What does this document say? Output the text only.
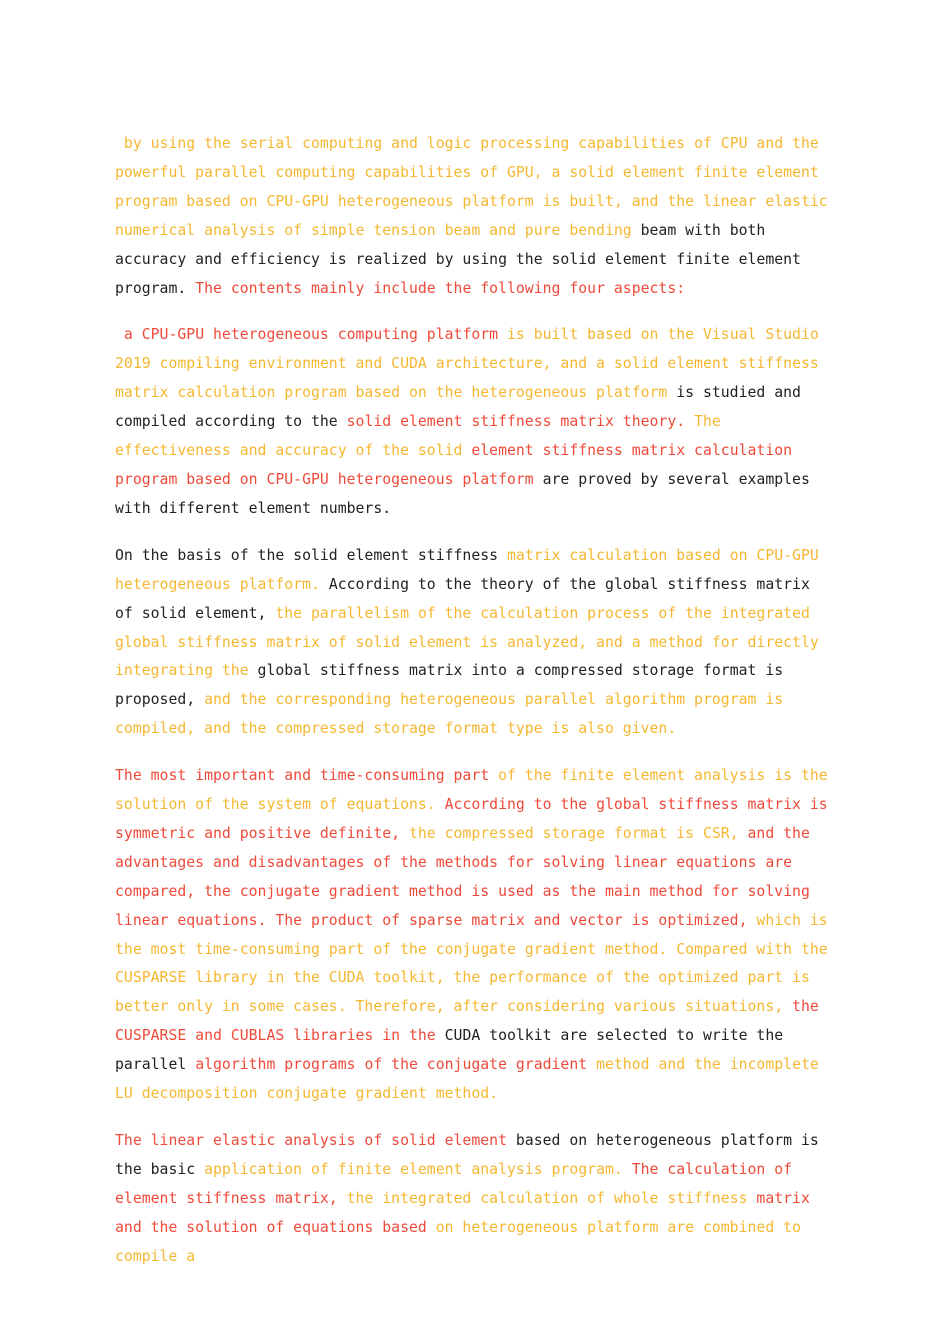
by using the serial computing and logic processing capabilities of CPU and the powerful parallel computing capabilities of GPU, a solid element finite element program based on CPU-GPU heterogeneous platform is built, and the linear elastic numerical analysis of simple tension beam and pure bending beam with both accuracy and efficiency is realized by using the solid element finite element program. The contents mainly include the following four aspects:

a CPU-GPU heterogeneous computing platform is built based on the Visual Studio 2019 compiling environment and CUDA architecture, and a solid element stiffness matrix calculation program based on the heterogeneous platform is studied and compiled according to the solid element stiffness matrix theory. The effectiveness and accuracy of the solid element stiffness matrix calculation program based on CPU-GPU heterogeneous platform are proved by several examples with different element numbers.

On the basis of the solid element stiffness matrix calculation based on CPU-GPU heterogeneous platform. According to the theory of the global stiffness matrix of solid element, the parallelism of the calculation process of the integrated global stiffness matrix of solid element is analyzed, and a method for directly integrating the global stiffness matrix into a compressed storage format is proposed, and the corresponding heterogeneous parallel algorithm program is compiled, and the compressed storage format type is also given.

The most important and time-consuming part of the finite element analysis is the solution of the system of equations. According to the global stiffness matrix is symmetric and positive definite, the compressed storage format is CSR, and the advantages and disadvantages of the methods for solving linear equations are compared, the conjugate gradient method is used as the main method for solving linear equations. The product of sparse matrix and vector is optimized, which is the most time-consuming part of the conjugate gradient method. Compared with the CUSPARSE library in the CUDA toolkit, the performance of the optimized part is better only in some cases. Therefore, after considering various situations, the CUSPARSE and CUBLAS libraries in the CUDA toolkit are selected to write the parallel algorithm programs of the conjugate gradient method and the incomplete LU decomposition conjugate gradient method.

The linear elastic analysis of solid element based on heterogeneous platform is the basic application of finite element analysis program. The calculation of element stiffness matrix, the integrated calculation of whole stiffness matrix and the solution of equations based on heterogeneous platform are combined to compile a
